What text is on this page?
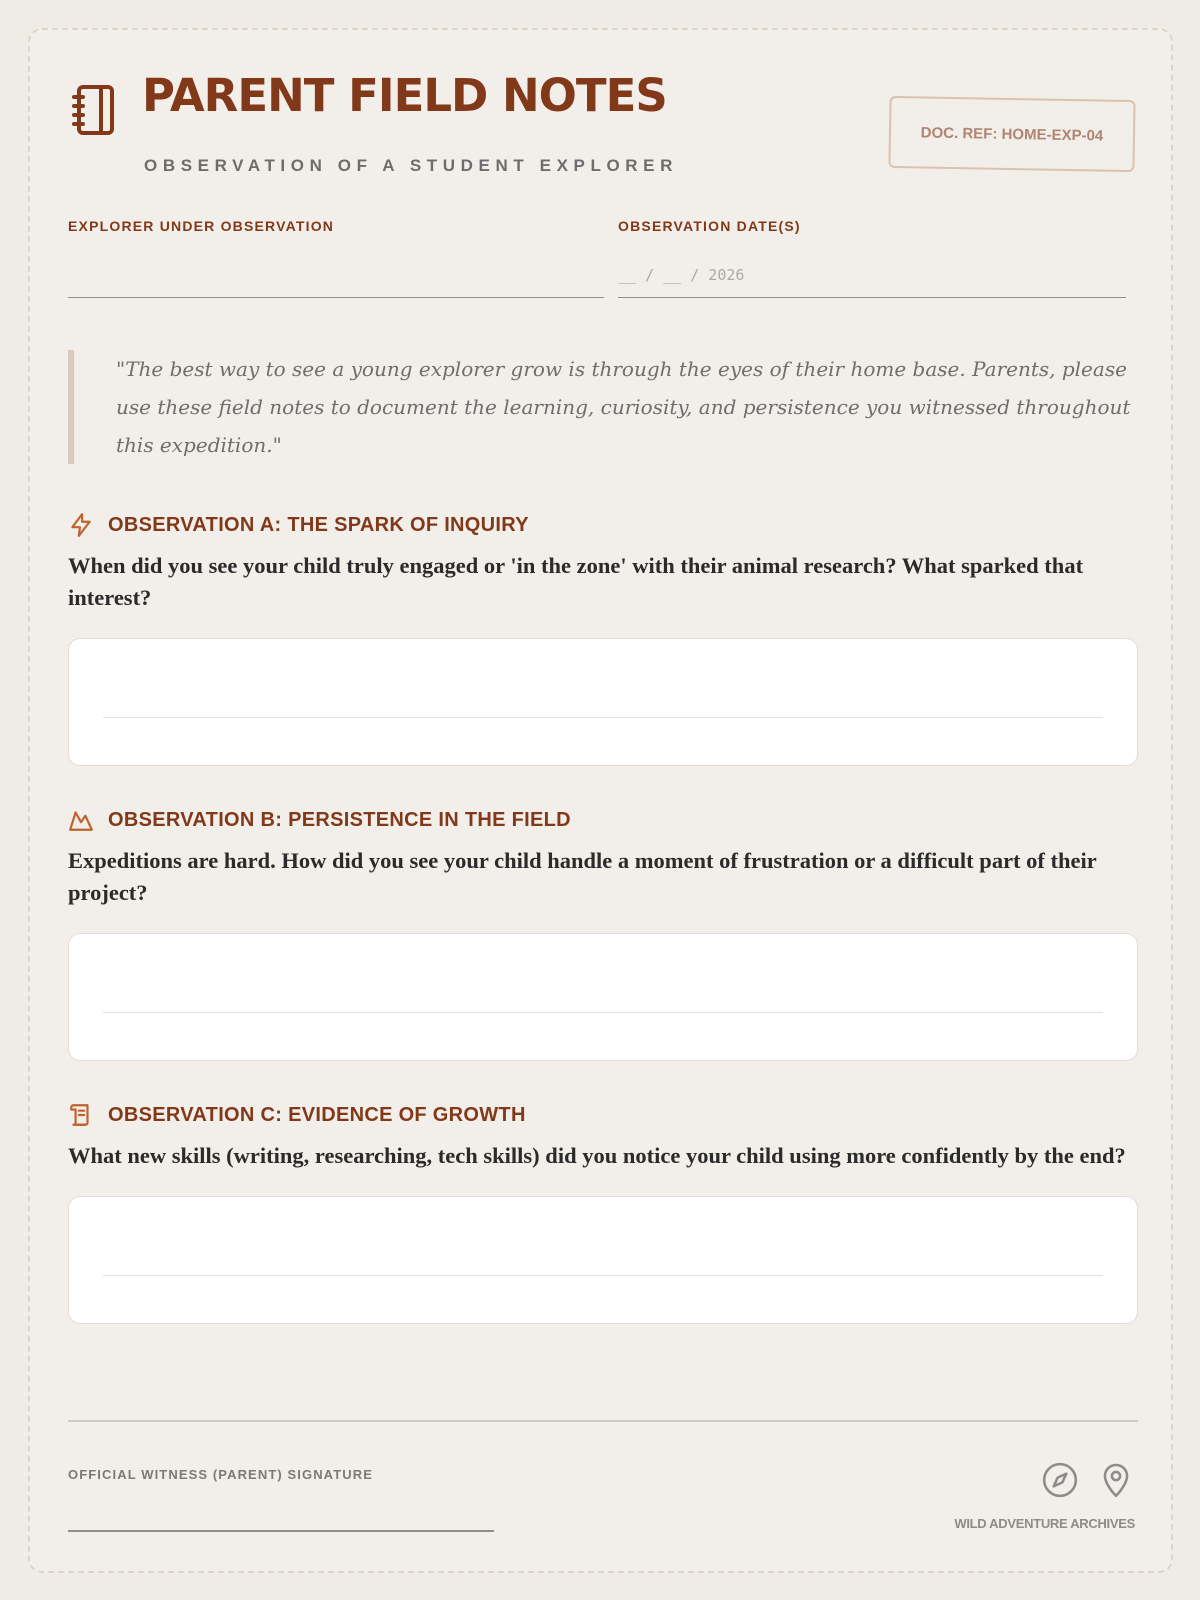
PARENT FIELD NOTES
OBSERVATION OF A STUDENT EXPLORER
DOC. REF: HOME-EXP-04
EXPLORER UNDER OBSERVATION	OBSERVATION DATE(S)
__ / __ / 2026
"The best way to see a young explorer grow is through the eyes of their home base. Parents, please use these field notes to document the learning, curiosity, and persistence you witnessed throughout this expedition."
OBSERVATION A: THE SPARK OF INQUIRY
When did you see your child truly engaged or 'in the zone' with their animal research? What sparked that interest?
OBSERVATION B: PERSISTENCE IN THE FIELD
Expeditions are hard. How did you see your child handle a moment of frustration or a difficult part of their project?
OBSERVATION C: EVIDENCE OF GROWTH
What new skills (writing, researching, tech skills) did you notice your child using more confidently by the end?
OFFICIAL WITNESS (PARENT) SIGNATURE
WILD ADVENTURE ARCHIVES
